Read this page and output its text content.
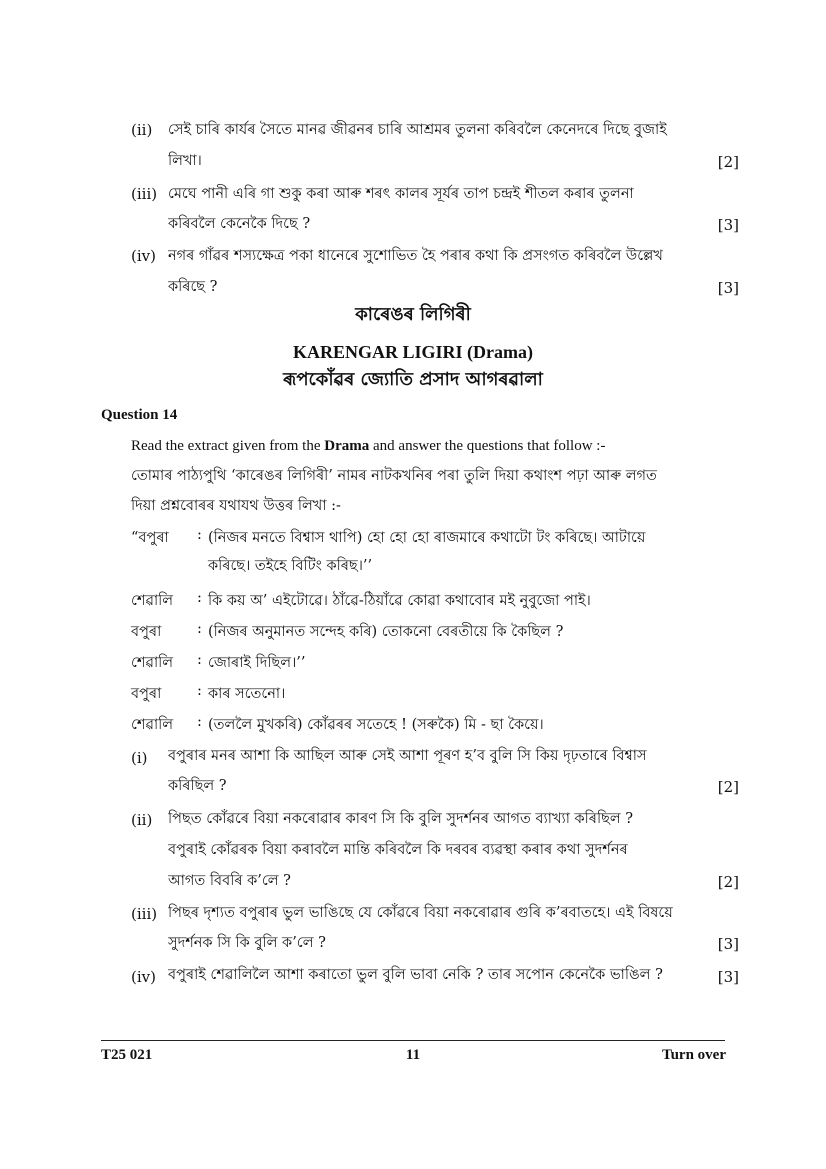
(ii) সেই চাৰি কাৰ্যৰ সৈতে মানৱ জীৱনৰ চাৰি আশ্ৰমৰ তুলনা কৰিবলৈ কেনেদৰে দিছে বুজাই
লিখা।	[2]
(iii) মেঘে পানী এৰি গা শুকু কৰা আৰু শৰৎ কালৰ সূৰ্যৰ তাপ চন্দ্ৰই শীতল কৰাৰ তুলনা
কৰিবলৈ কেনেকৈ দিছে ?	[3]
(iv) নগৰ গাঁৱৰ শস্যক্ষেত্ৰ পকা ধানেৰে সুশোভিত হৈ পৰাৰ কথা কি প্ৰসংগত কৰিবলৈ উল্লেখ
কৰিছে ?	[3]
কাৰেঙৰ লিগিৰী
KARENGAR LIGIRI (Drama)
ৰূপকোঁৱৰ জ্যোতি প্ৰসাদ আগৰৱালা
Question 14
Read the extract given from the Drama and answer the questions that follow :-
তোমাৰ পাঠ্যপুথি ‘কাৰেঙৰ লিগিৰী’ নামৰ নাটকখনিৰ পৰা তুলি দিয়া কথাংশ পঢ়া আৰু লগত
দিয়া প্ৰশ্নবোৰৰ যথাযথ উত্তৰ লিখা :-
“বপুৰা : (নিজৰ মনতে বিশ্বাস থাপি) হো হো হো ৰাজমাৰে কথাটো টং কৰিছে। আটায়ে
কৰিছে। তইহে বিটিং কৰিছ।’’
শেৱালি : কি কয় অ’ এইটোৱে। ঠাঁৱে-ঠিয়াঁৱে কোৱা কথাবোৰ মই নুবুজো পাই।
বপুৰা : (নিজৰ অনুমানত সন্দেহ কৰি) তোকনো বেৰতীয়ে কি কৈছিল ?
শেৱালি : জোৰাই দিছিল।’’
বপুৰা : কাৰ সতেনো।
শেৱালি : (তললৈ মুখকৰি) কোঁৱৰৰ সতেহে ! (সৰুকৈ) মি - ছা কৈয়ে।
(i) বপুৰাৰ মনৰ আশা কি আছিল আৰু সেই আশা পূৰণ হ’ব বুলি সি কিয় দৃঢ়তাৰে বিশ্বাস
কৰিছিল ?	[2]
(ii) পিছত কোঁৱৰে বিয়া নকৰোৱাৰ কাৰণ সি কি বুলি সুদৰ্শনৰ আগত ব্যাখ্যা কৰিছিল ?
বপুৰাই কোঁৱৰক বিয়া কৰাবলৈ মান্তি কৰিবলৈ কি দৰবৰ ব্যৱস্থা কৰাৰ কথা সুদৰ্শনৰ
আগত বিবৰি ক’লে ?	[2]
(iii) পিছৰ দৃশ্যত বপুৰাৰ ভুল ভাঙিছে যে কোঁৱৰে বিয়া নকৰোৱাৰ গুৰি ক’ৰবাতহে। এই বিষয়ে
সুদৰ্শনক সি কি বুলি ক’লে ?	[3]
(iv) বপুৰাই শেৱালিলৈ আশা কৰাতো ভুল বুলি ভাবা নেকি ? তাৰ সপোন কেনেকৈ ভাঙিল ?	[3]
T25 021	11	Turn over
